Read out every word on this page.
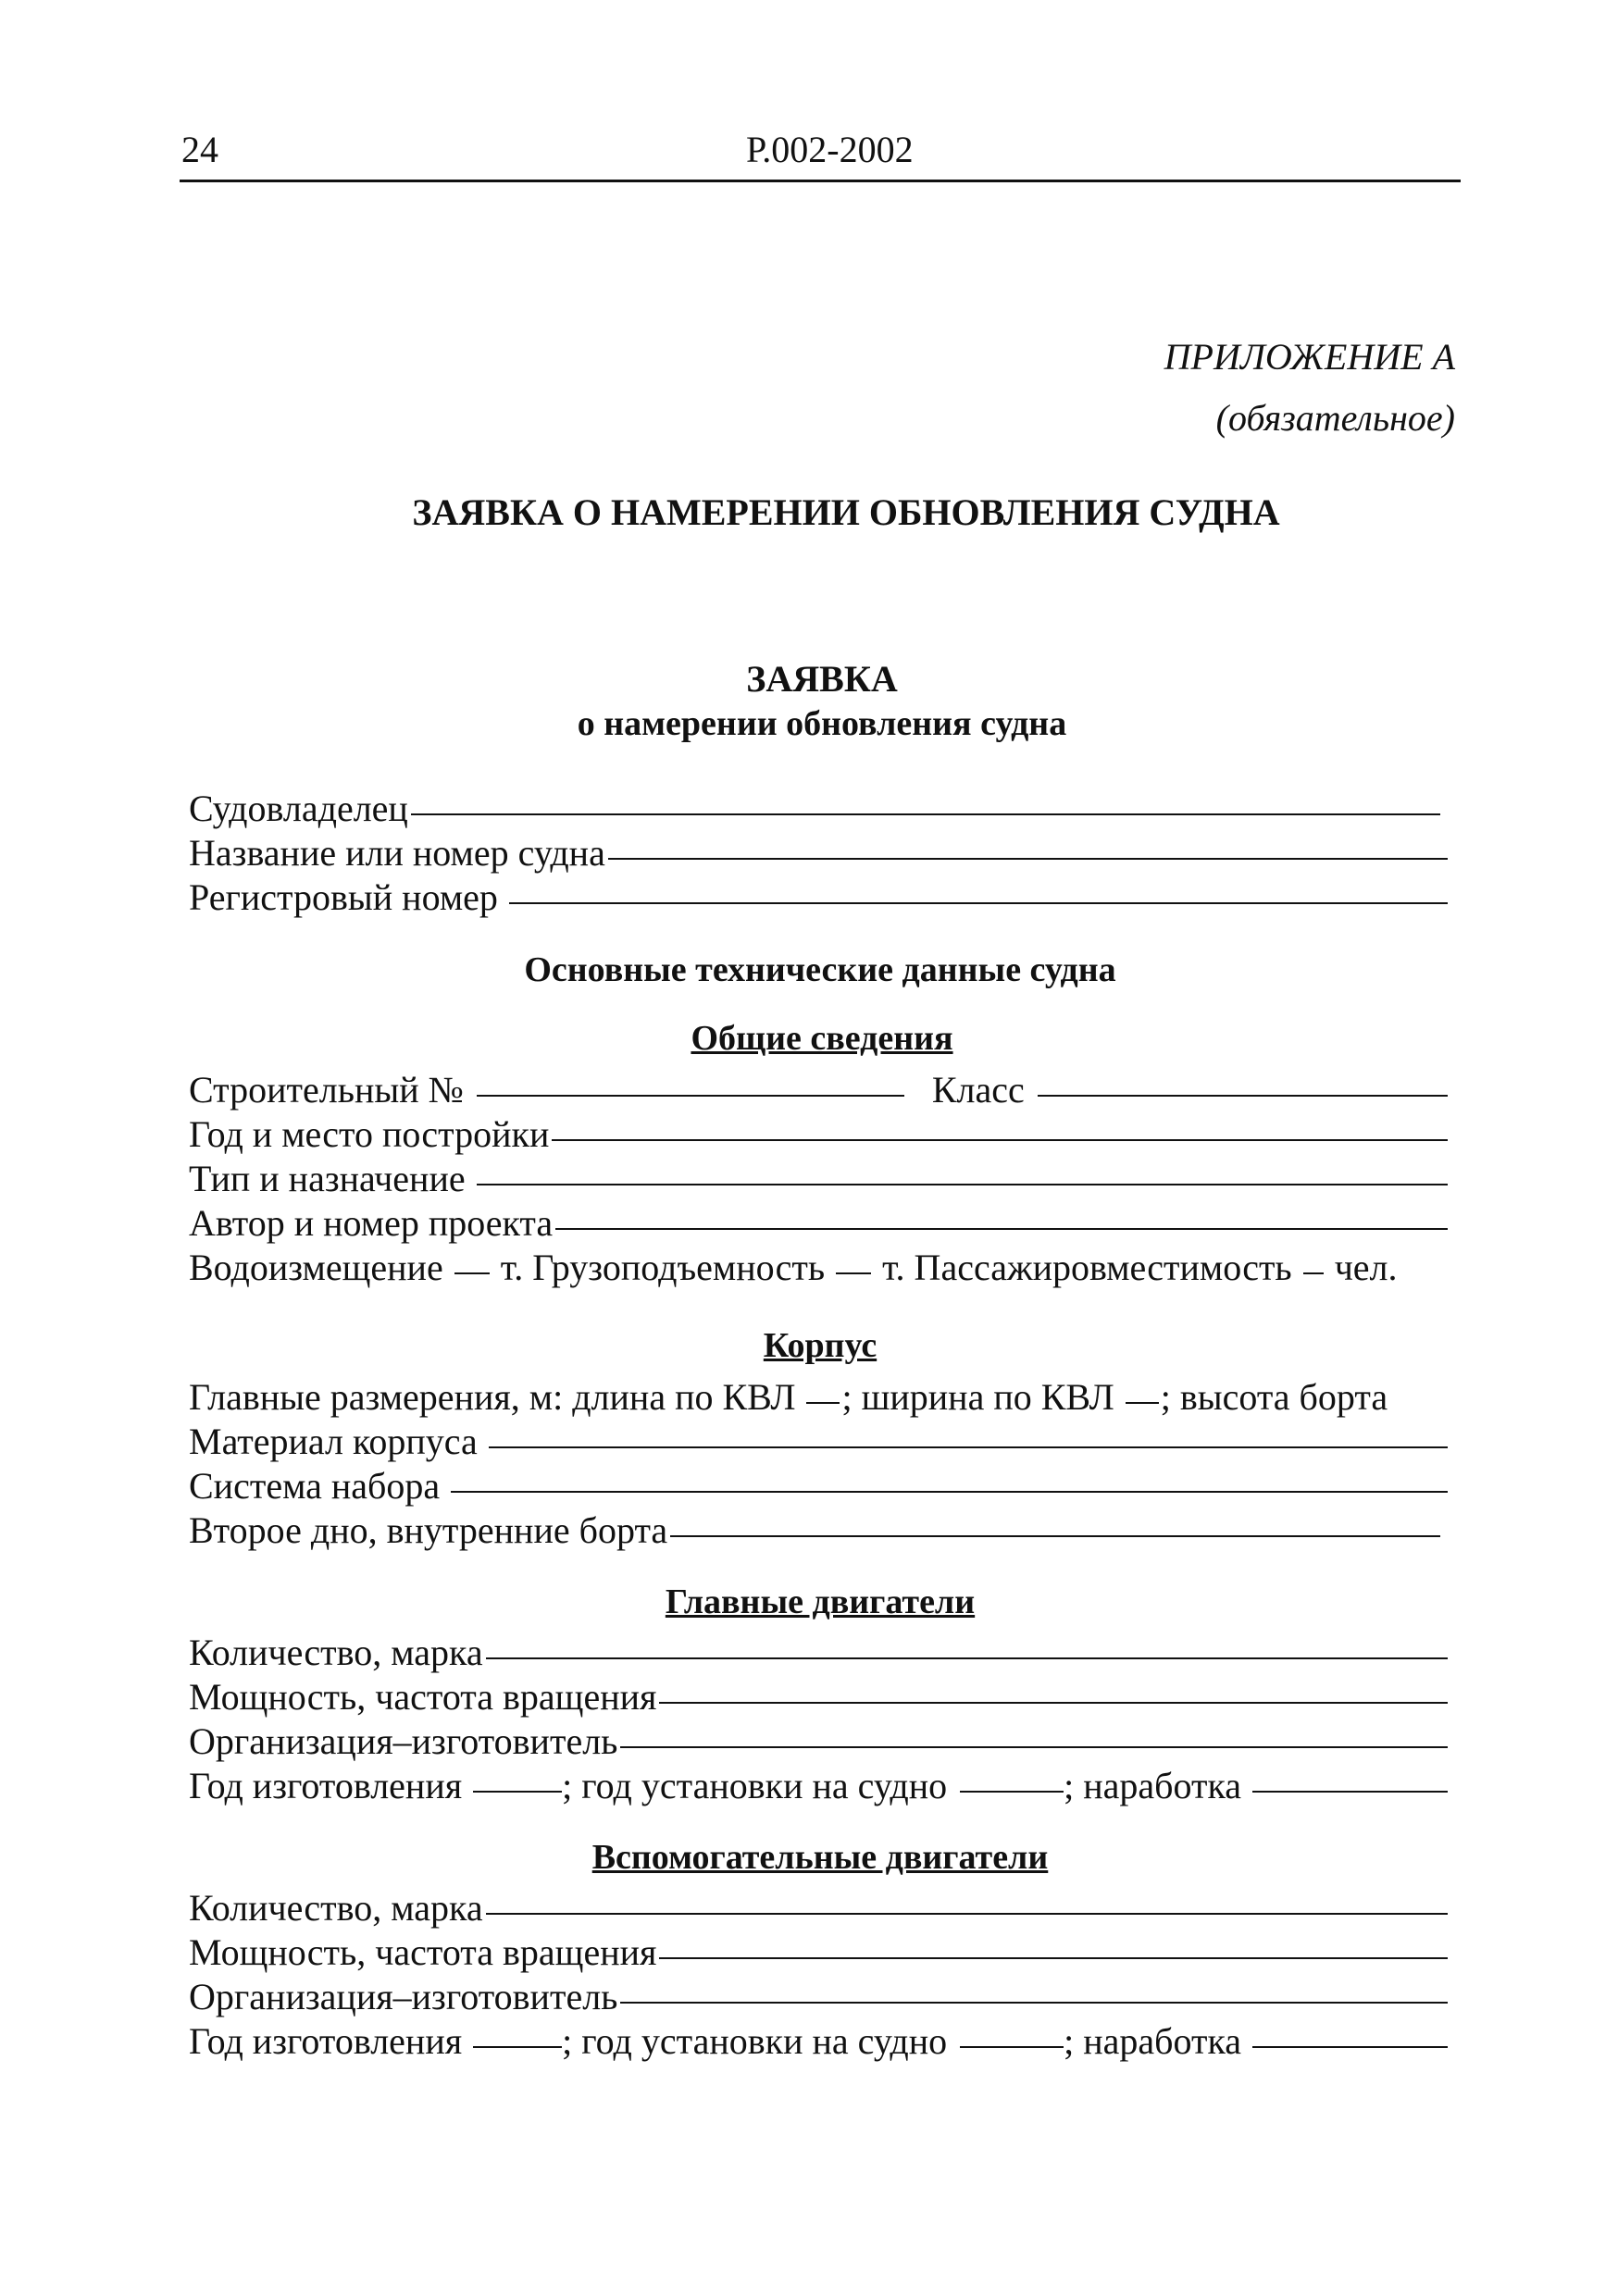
24	Р.002-2002
ПРИЛОЖЕНИЕ А
(обязательное)
ЗАЯВКА О НАМЕРЕНИИ ОБНОВЛЕНИЯ СУДНА
ЗАЯВКА
о намерении обновления судна
Судовладелец
Название или номер судна
Регистровый номер
Основные технические данные судна
Общие сведения
Строительный №	Класс
Год и место постройки
Тип и назначение
Автор и номер проекта
Водоизмещение т. Грузоподъемность т. Пассажировместимость чел.
Корпус
Главные размерения, м: длина по КВЛ ; ширина по КВЛ ; высота борта
Материал корпуса
Система набора
Второе дно, внутренние борта
Главные двигатели
Количество, марка
Мощность, частота вращения
Организация–изготовитель
Год изготовления	; год установки на судно	; наработка
Вспомогательные двигатели
Количество, марка
Мощность, частота вращения
Организация–изготовитель
Год изготовления	; год установки на судно	; наработка
